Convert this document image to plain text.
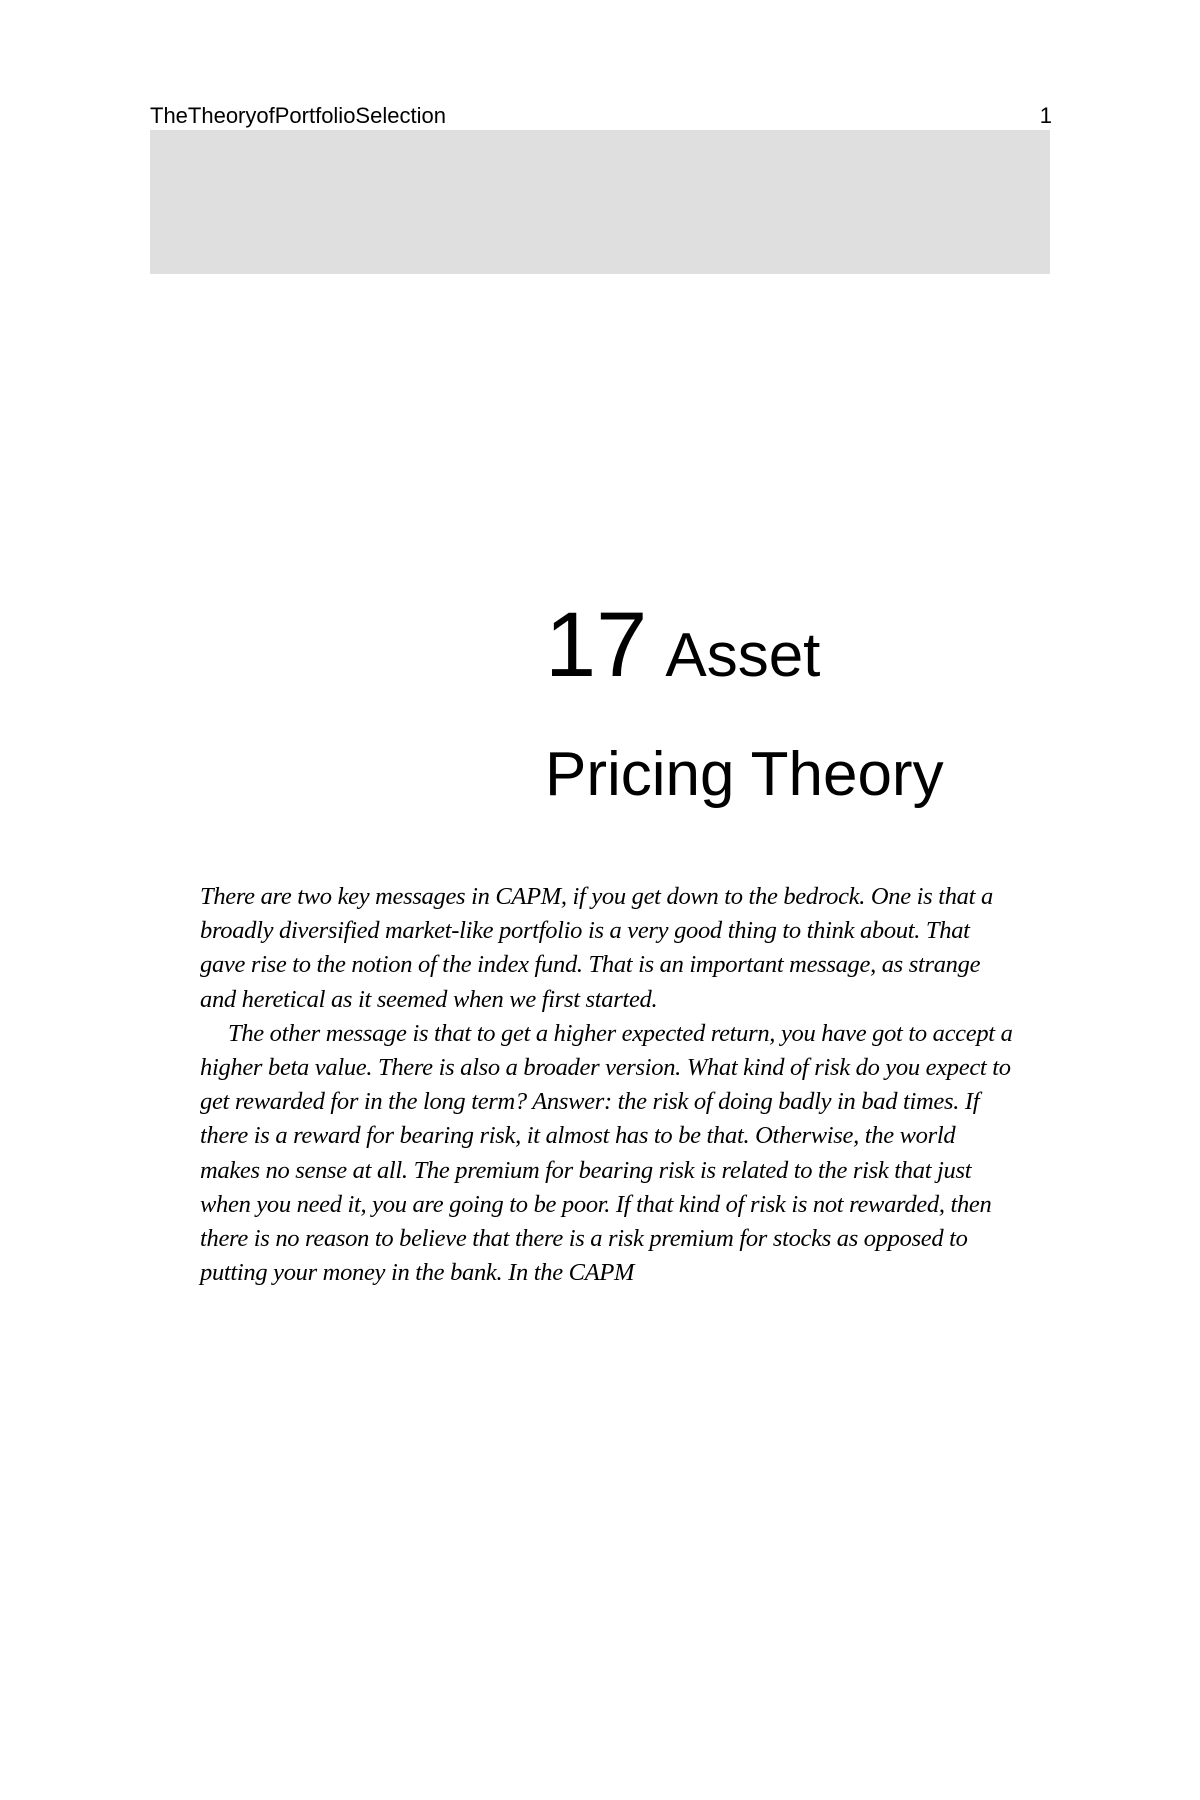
TheTheoryofPortfolioSelection	1
17 Asset
Pricing Theory

There are two key messages in CAPM, if you get down to the bedrock. One is that a broadly diversified market-like portfolio is a very good thing to think about. That gave rise to the notion of the index fund. That is an important message, as strange and heretical as it seemed when we first started.

The other message is that to get a higher expected return, you have got to accept a higher beta value. There is also a broader version. What kind of risk do you expect to get rewarded for in the long term? Answer: the risk of doing badly in bad times. If there is a reward for bearing risk, it almost has to be that. Otherwise, the world makes no sense at all. The premium for bearing risk is related to the risk that just when you need it, you are going to be poor. If that kind of risk is not rewarded, then there is no reason to believe that there is a risk premium for stocks as opposed to putting your money in the bank. In the CAPM
